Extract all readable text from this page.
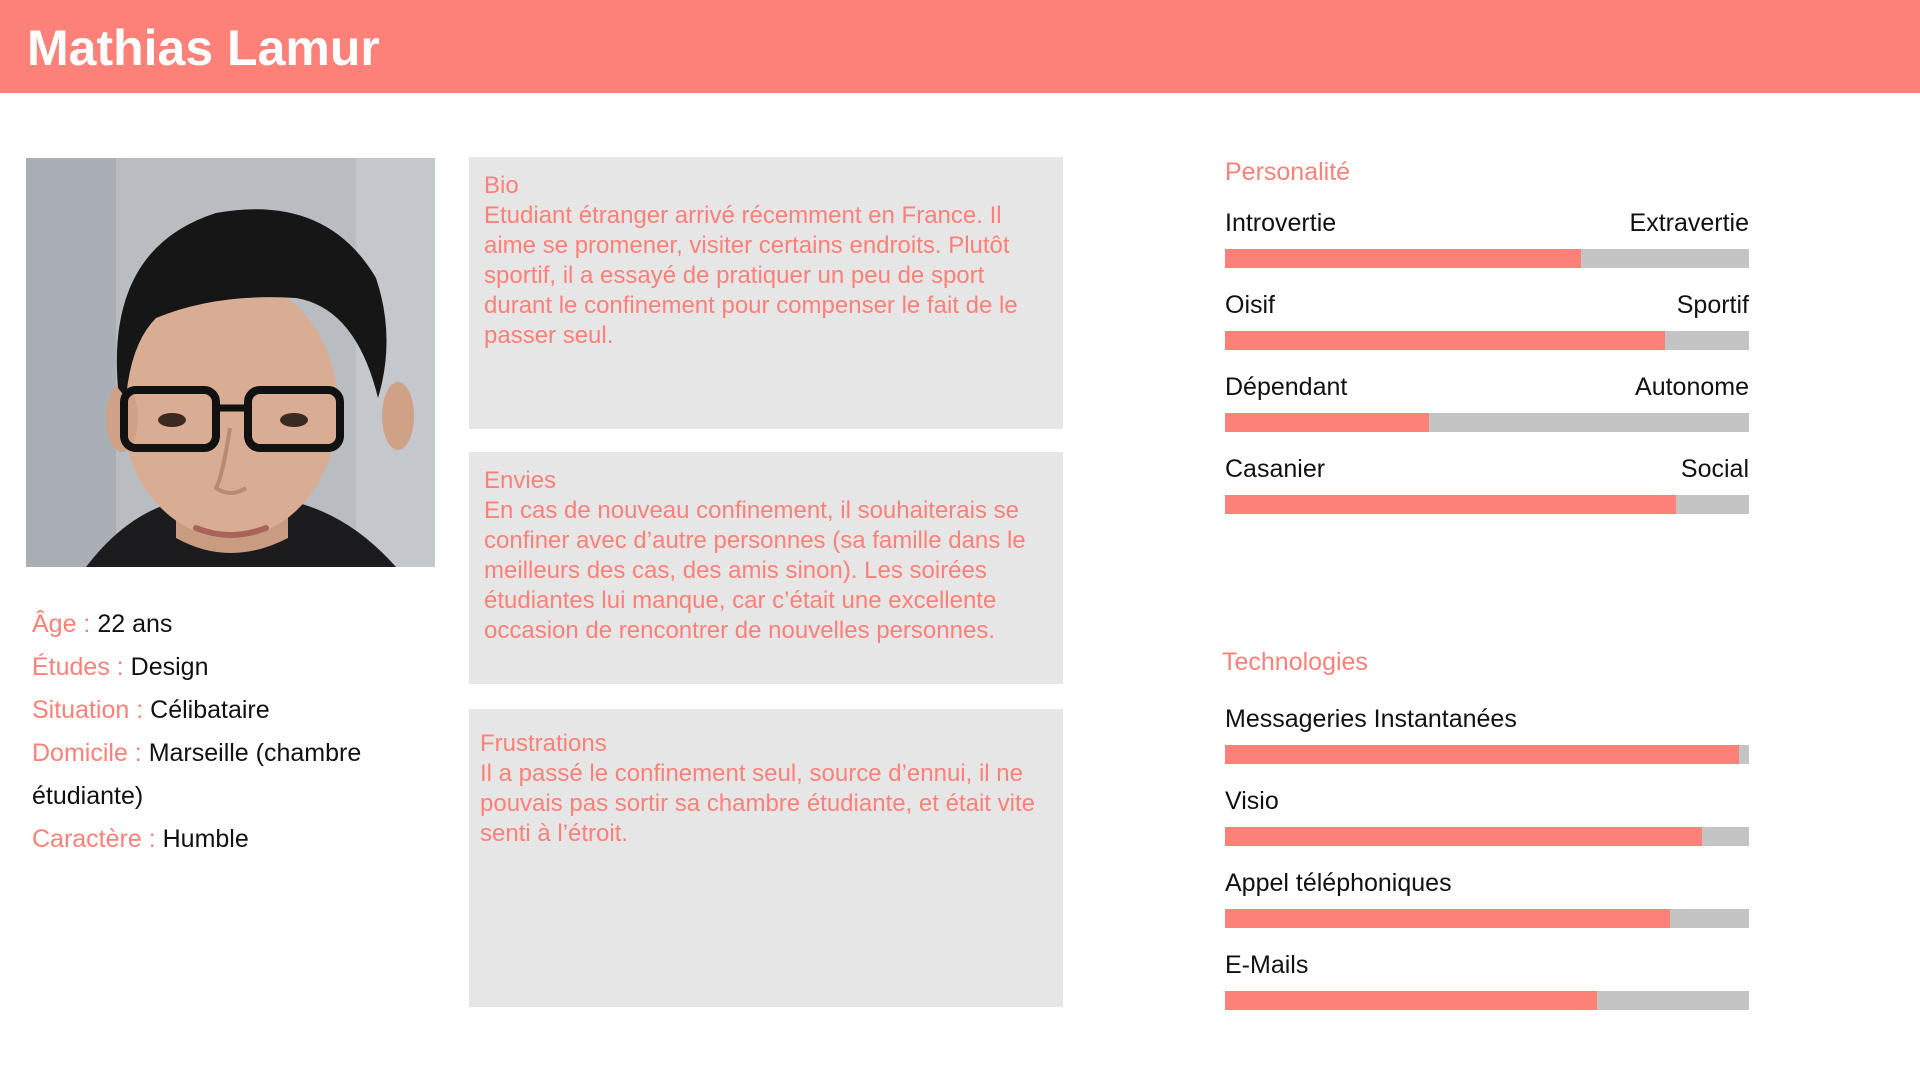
Mathias Lamur
Âge : 22 ans
Études : Design
Situation : Célibataire
Domicile : Marseille (chambre étudiante)
Caractère : Humble
Bio
Etudiant étranger arrivé récemment en France. Il aime se promener, visiter certains endroits. Plutôt sportif, il a essayé de pratiquer un peu de sport durant le confinement pour compenser le fait de le passer seul.
Envies
En cas de nouveau confinement, il souhaiterais se confiner avec d’autre personnes (sa famille dans le meilleurs des cas, des amis sinon). Les soirées étudiantes lui manque, car c’était une excellente occasion de rencontrer de nouvelles personnes.
Frustrations
Il a passé le confinement seul, source d’ennui, il ne pouvais pas sortir sa chambre étudiante, et était vite senti à l’étroit.
Personalité
Introvertie	Extravertie
Oisif	Sportif
Dépendant	Autonome
Casanier	Social
Technologies
Messageries Instantanées
Visio
Appel téléphoniques
E-Mails
